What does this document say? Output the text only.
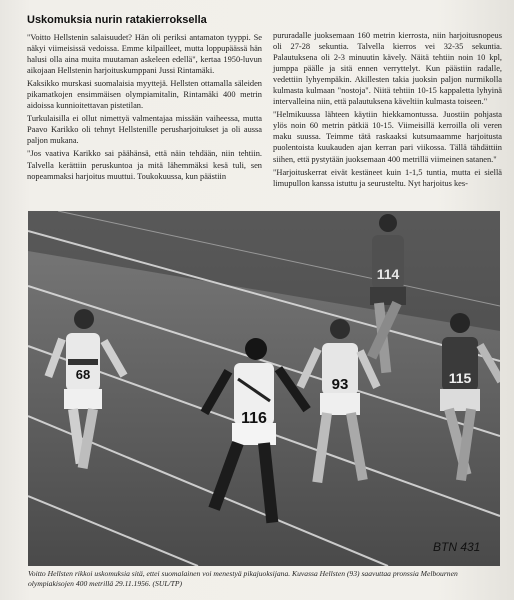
Uskomuksia nurin ratakierroksella

"Voitto Hellstenin salaisuudet? Hän oli periksi antamaton tyyppi. Se näkyi viimeisissä vedoissa. Emme kilpailleet, mutta loppupäässä hän halusi olla aina muita muutaman askeleen edellä", kertaa 1950-luvun aikojaan Hellstenin harjoituskumppani Jussi Rintamäki.

Kaksikko murskasi suomalaisia myyttejä. Hellsten ottamalla säleiden pikamatkojen ensimmäisen olympiamitalin, Rintamäki 400 metrin aidoissa kunnioitettavan pistetilan.

Turkulaisilla ei ollut nimettyä valmentajaa missään vaiheessa, mutta Paavo Karikko oli tehnyt Hellstenille perusharjoitukset ja oli aussa paljon mukana.

"Jos vaativa Karikko sai päähänsä, että näin tehdään, niin tehtiin. Talvella kerättiin peruskuntoa ja mitä lähemmäksi kesä tuli, sen nopeammaksi harjoitus muuttui. Toukokuussa, kun päästiin

pururadalle juoksemaan 160 metrin kierrosta, niin harjoitusnopeus oli 27-28 sekuntia. Talvella kierros vei 32-35 sekuntia. Palautuksena oli 2-3 minuutin kävely. Näitä tehtiin noin 10 kpl, jumppa päälle ja sitä ennen verryttelyt. Kun päästiin radalle, vedettiin lyhyempäkin. Akillesten takia juoksin paljon nurmikolla kulmasta kulmaan "nostoja". Niitä tehtiin 10-15 kappaletta lyhyinä intervalleina niin, että palautuksena käveltiin kulmasta toiseen."

"Helmikuussa lähteen käytiin hiekkamontussa. Juostiin pohjasta ylös noin 60 metrin pätkiä 10-15. Viimeisillä kerroilla oli veren maku suussa. Teimme tätä raskaaksi kutsumaamme harjoitusta puolentoista kuukauden ajan kerran pari viikossa. Tällä tähdättiin siihen, että pystytään juoksemaan 400 metrillä viimeinen satanen."

"Harjoituskerrat eivät kestäneet kuin 1-1,5 tuntia, mutta ei siellä limupullon kanssa istuttu ja seurusteltu. Nyt harjoitus kes-

68
116
93
114
115
BTN 431
Voitto Hellsten rikkoi uskomuksia sitä, ettei suomalainen voi menestyä pikajuoksijana. Kuvassa Hellsten (93) saavuttaa pronssia Melbournen olympiakisojen 400 metrillä 29.11.1956. (SUL/TP)
